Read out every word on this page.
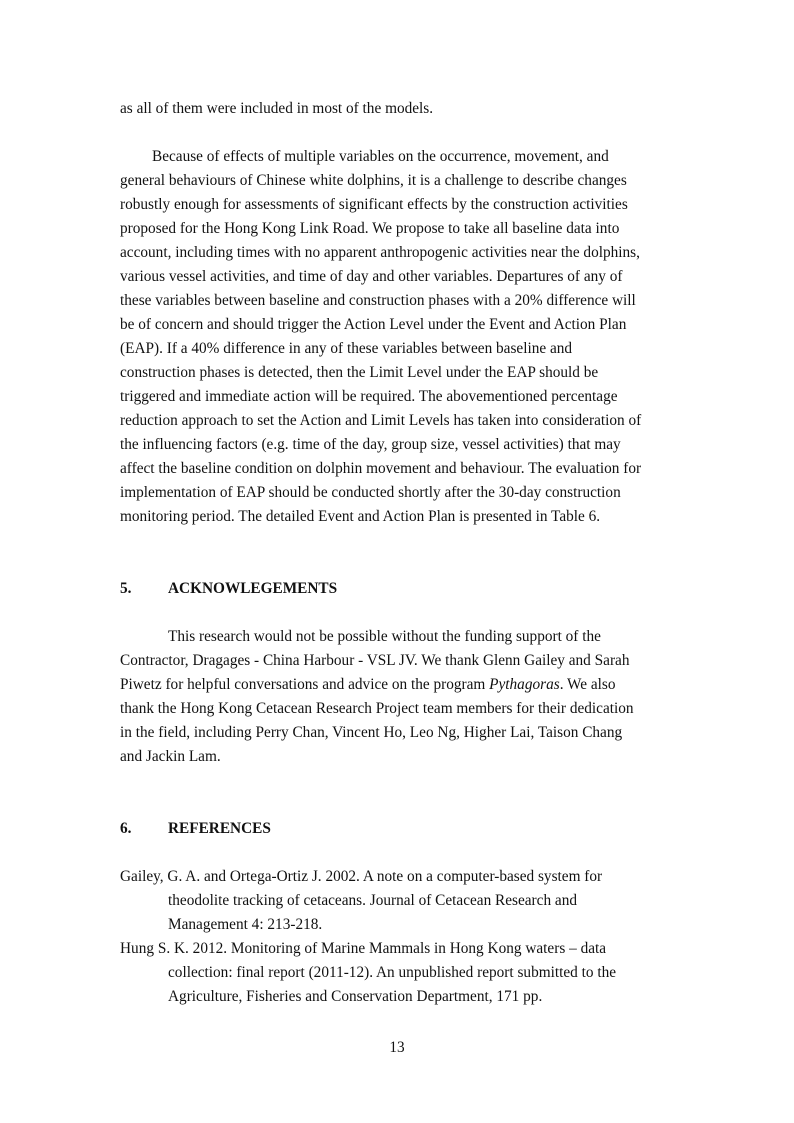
as all of them were included in most of the models.
Because of effects of multiple variables on the occurrence, movement, and
general behaviours of Chinese white dolphins, it is a challenge to describe changes
robustly enough for assessments of significant effects by the construction activities
proposed for the Hong Kong Link Road. We propose to take all baseline data into
account, including times with no apparent anthropogenic activities near the dolphins,
various vessel activities, and time of day and other variables. Departures of any of
these variables between baseline and construction phases with a 20% difference will
be of concern and should trigger the Action Level under the Event and Action Plan
(EAP). If a 40% difference in any of these variables between baseline and
construction phases is detected, then the Limit Level under the EAP should be
triggered and immediate action will be required. The abovementioned percentage
reduction approach to set the Action and Limit Levels has taken into consideration of
the influencing factors (e.g. time of the day, group size, vessel activities) that may
affect the baseline condition on dolphin movement and behaviour. The evaluation for
implementation of EAP should be conducted shortly after the 30-day construction
monitoring period. The detailed Event and Action Plan is presented in Table 6.
5. ACKNOWLEGEMENTS
This research would not be possible without the funding support of the
Contractor, Dragages - China Harbour - VSL JV. We thank Glenn Gailey and Sarah
Piwetz for helpful conversations and advice on the program Pythagoras. We also
thank the Hong Kong Cetacean Research Project team members for their dedication
in the field, including Perry Chan, Vincent Ho, Leo Ng, Higher Lai, Taison Chang
and Jackin Lam.
6. REFERENCES
Gailey, G. A. and Ortega-Ortiz J. 2002. A note on a computer-based system for
theodolite tracking of cetaceans. Journal of Cetacean Research and
Management 4: 213-218.
Hung S. K. 2012. Monitoring of Marine Mammals in Hong Kong waters – data
collection: final report (2011-12). An unpublished report submitted to the
Agriculture, Fisheries and Conservation Department, 171 pp.
13
